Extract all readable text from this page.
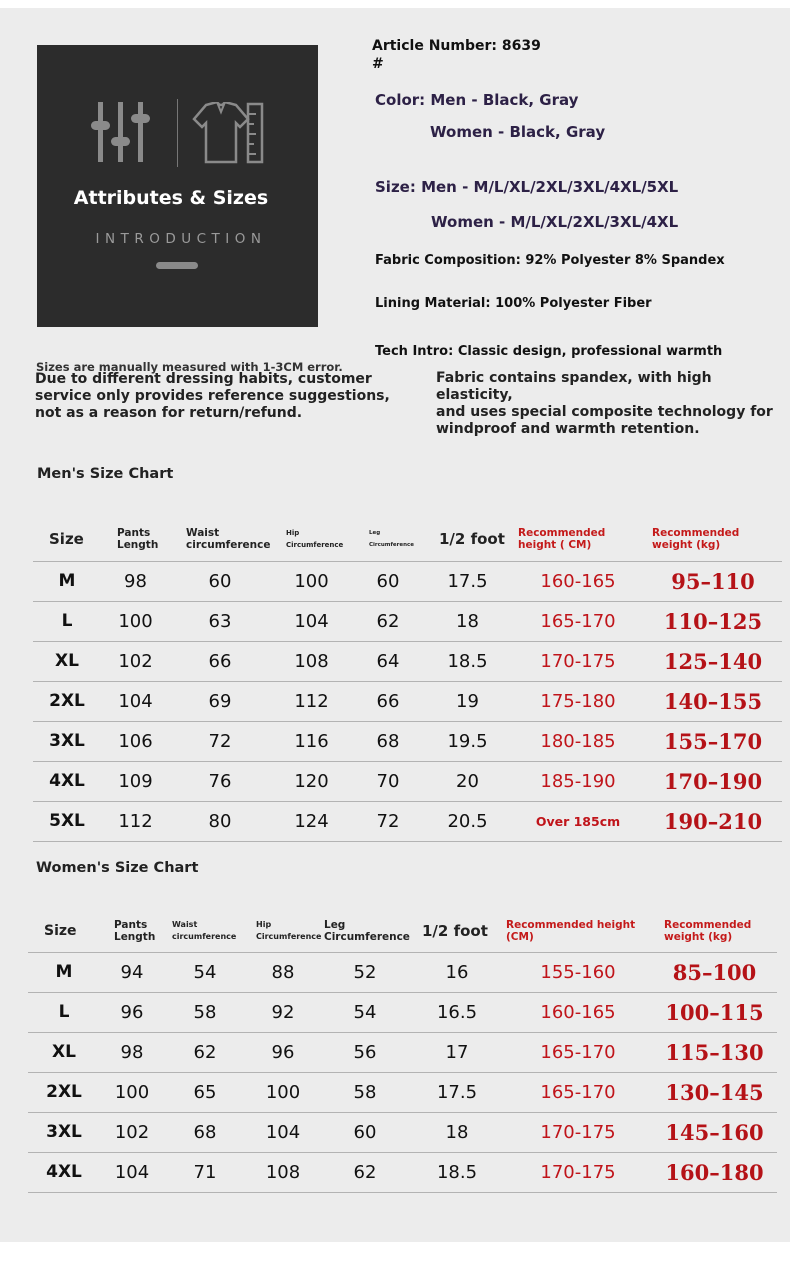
Attributes & Sizes
INTRODUCTION
Article Number: 8639
#
Color: Men - Black, Gray
Women - Black, Gray
Size: Men - M/L/XL/2XL/3XL/4XL/5XL
Women - M/L/XL/2XL/3XL/4XL
Fabric Composition: 92% Polyester 8% Spandex
Lining Material: 100% Polyester Fiber
Tech Intro: Classic design, professional warmth
Sizes are manually measured with 1-3CM error.
Due to different dressing habits, customer
service only provides reference suggestions,
not as a reason for return/refund.
Fabric contains spandex, with high elasticity,
and uses special composite technology for
windproof and warmth retention.
Men's Size Chart
Size	Pants Length	Waist circumference	Hip Circumference	Leg Circumference	1/2 foot	Recommended height ( CM)	Recommended weight (kg)
M	98	60	100	60	17.5	160-165	95–110
L	100	63	104	62	18	165-170	110–125
XL	102	66	108	64	18.5	170-175	125–140
2XL	104	69	112	66	19	175-180	140–155
3XL	106	72	116	68	19.5	180-185	155–170
4XL	109	76	120	70	20	185-190	170–190
5XL	112	80	124	72	20.5	Over 185cm	190–210
Women's Size Chart
Size	Pants Length	Waist circumference	Hip Circumference	Leg Circumference	1/2 foot	Recommended height (CM)	Recommended weight (kg)
M	94	54	88	52	16	155-160	85–100
L	96	58	92	54	16.5	160-165	100–115
XL	98	62	96	56	17	165-170	115–130
2XL	100	65	100	58	17.5	165-170	130–145
3XL	102	68	104	60	18	170-175	145–160
4XL	104	71	108	62	18.5	170-175	160–180
